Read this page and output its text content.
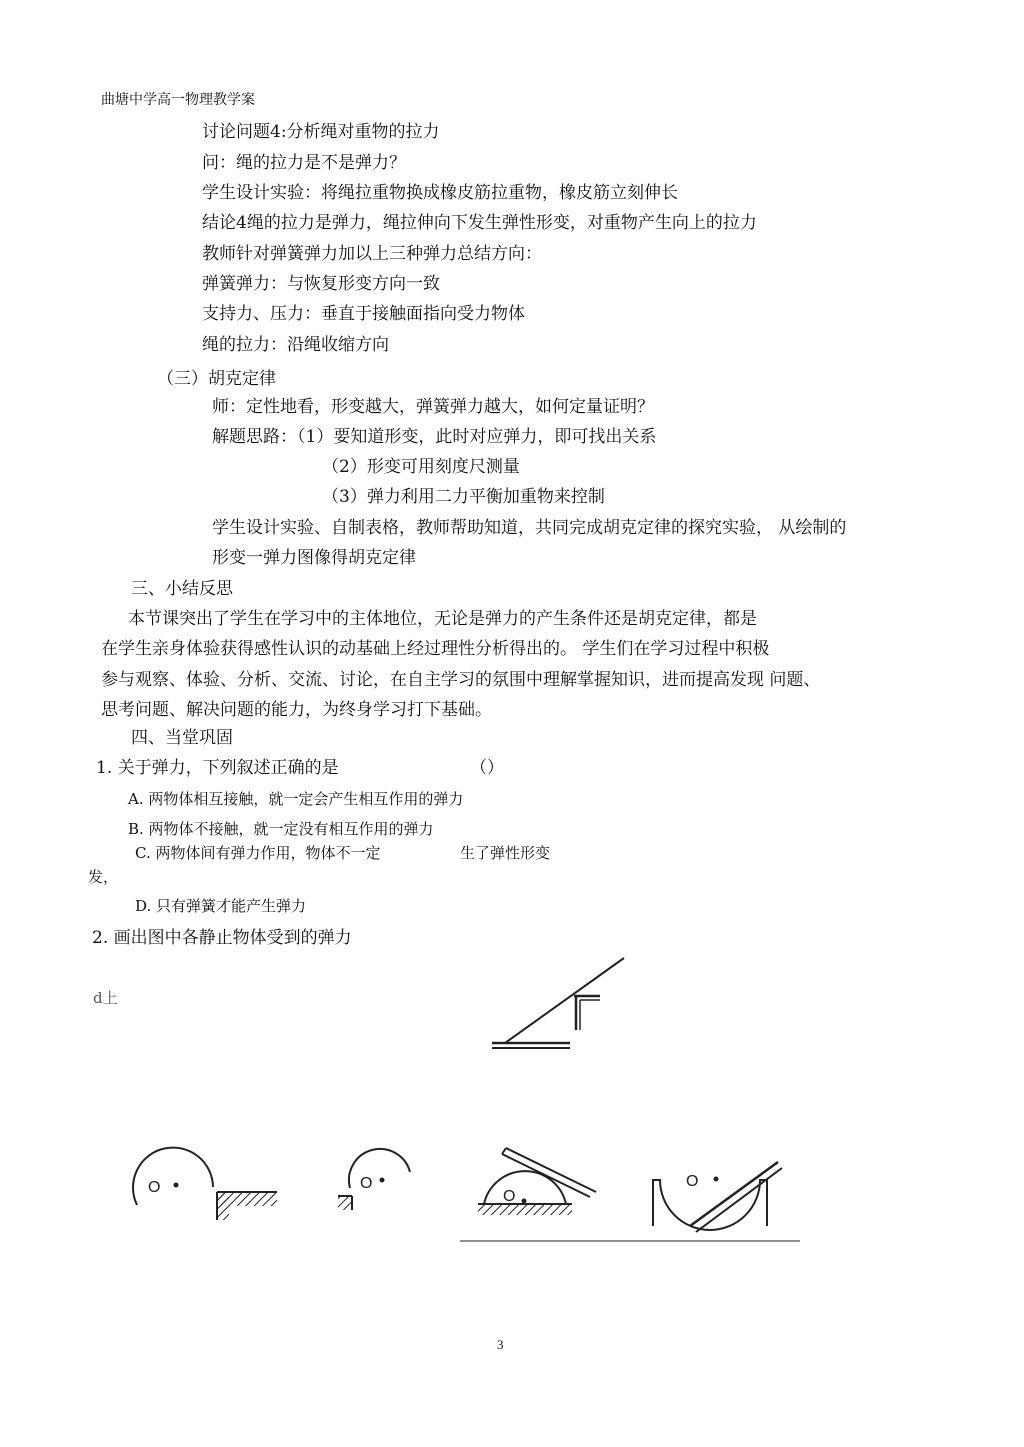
曲塘中学高一物理教学案
讨论问题4:分析绳对重物的拉力
问：绳的拉力是不是弹力？
学生设计实验：将绳拉重物换成橡皮筋拉重物，橡皮筋立刻伸长
结论4绳的拉力是弹力，绳拉伸向下发生弹性形变，对重物产生向上的拉力
教师针对弹簧弹力加以上三种弹力总结方向：
弹簧弹力：与恢复形变方向一致
支持力、压力：垂直于接触面指向受力物体
绳的拉力：沿绳收缩方向
（三）胡克定律
师：定性地看，形变越大，弹簧弹力越大，如何定量证明？
解题思路：（1）要知道形变，此时对应弹力，即可找出关系
（2）形变可用刻度尺测量
（3）弹力利用二力平衡加重物来控制
学生设计实验、自制表格，教师帮助知道，共同完成胡克定律的探究实验， 从绘制的
形变一弹力图像得胡克定律
三、小结反思
本节课突出了学生在学习中的主体地位，无论是弹力的产生条件还是胡克定律，都是
在学生亲身体验获得感性认识的动基础上经过理性分析得出的。 学生们在学习过程中积极
参与观察、体验、分析、交流、讨论，在自主学习的氛围中理解掌握知识，进而提高发现 问题、
思考问题、解决问题的能力，为终身学习打下基础。
四、当堂巩固
1. 关于弹力，下列叙述正确的是	（）
A. 两物体相互接触，就一定会产生相互作用的弹力
B. 两物体不接触，就一定没有相互作用的弹力
C. 两物体间有弹力作用，物体不一定	生了弹性形变
发，
D. 只有弹簧才能产生弹力
2. 画出图中各静止物体受到的弹力
d上
O	O
O
O
3
